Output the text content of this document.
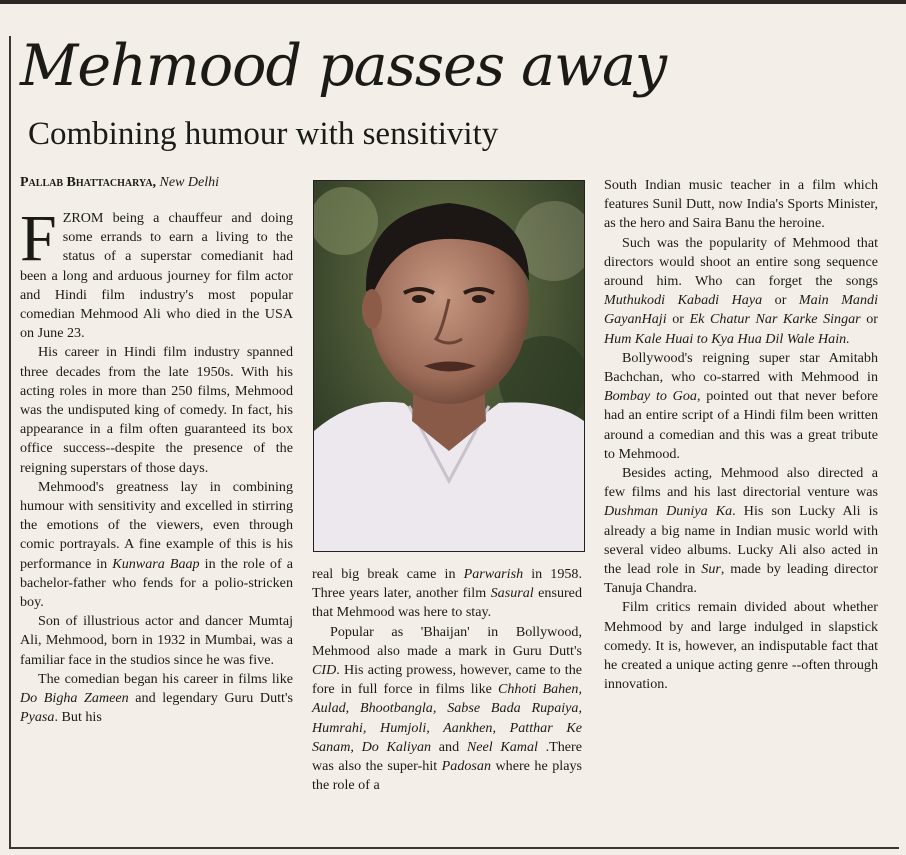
Mehmood passes away
Combining humour with sensitivity
Pallab Bhattacharya, New Delhi

FZROM being a chauffeur and doing some errands to earn a living to the status of a superstar comedianit had been a long and arduous journey for film actor and Hindi film industry's most popular comedian Mehmood Ali who died in the USA on June 23.

His career in Hindi film industry spanned three decades from the late 1950s. With his acting roles in more than 250 films, Mehmood was the undisputed king of comedy. In fact, his appearance in a film often guaranteed its box office success--despite the presence of the reigning superstars of those days.

Mehmood's greatness lay in combining humour with sensitivity and excelled in stirring the emotions of the viewers, even through comic portrayals. A fine example of this is his performance in Kunwara Baap in the role of a bachelor-father who fends for a polio-stricken boy.

Son of illustrious actor and dancer Mumtaj Ali, Mehmood, born in 1932 in Mumbai, was a familiar face in the studios since he was five.

The comedian began his career in films like Do Bigha Zameen and legendary Guru Dutt's Pyasa. But his

real big break came in Parwarish in 1958. Three years later, another film Sasural ensured that Mehmood was here to stay.

Popular as 'Bhaijan' in Bollywood, Mehmood also made a mark in Guru Dutt's CID. His acting prowess, however, came to the fore in full force in films like Chhoti Bahen, Aulad, Bhootbangla, Sabse Bada Rupaiya, Humrahi, Humjoli, Aankhen, Patthar Ke Sanam, Do Kaliyan and Neel Kamal .There was also the super-hit Padosan where he plays the role of a

South Indian music teacher in a film which features Sunil Dutt, now India's Sports Minister, as the hero and Saira Banu the heroine.

Such was the popularity of Mehmood that directors would shoot an entire song sequence around him. Who can forget the songs Muthukodi Kabadi Haya or Main Mandi GayanHaji or Ek Chatur Nar Karke Singar or Hum Kale Huai to Kya Hua Dil Wale Hain.

Bollywood's reigning super star Amitabh Bachchan, who co-starred with Mehmood in Bombay to Goa, pointed out that never before had an entire script of a Hindi film been written around a comedian and this was a great tribute to Mehmood.

Besides acting, Mehmood also directed a few films and his last directorial venture was Dushman Duniya Ka. His son Lucky Ali is already a big name in Indian music world with several video albums. Lucky Ali also acted in the lead role in Sur, made by leading director Tanuja Chandra.

Film critics remain divided about whether Mehmood by and large indulged in slapstick comedy. It is, however, an indisputable fact that he created a unique acting genre --often through innovation.
